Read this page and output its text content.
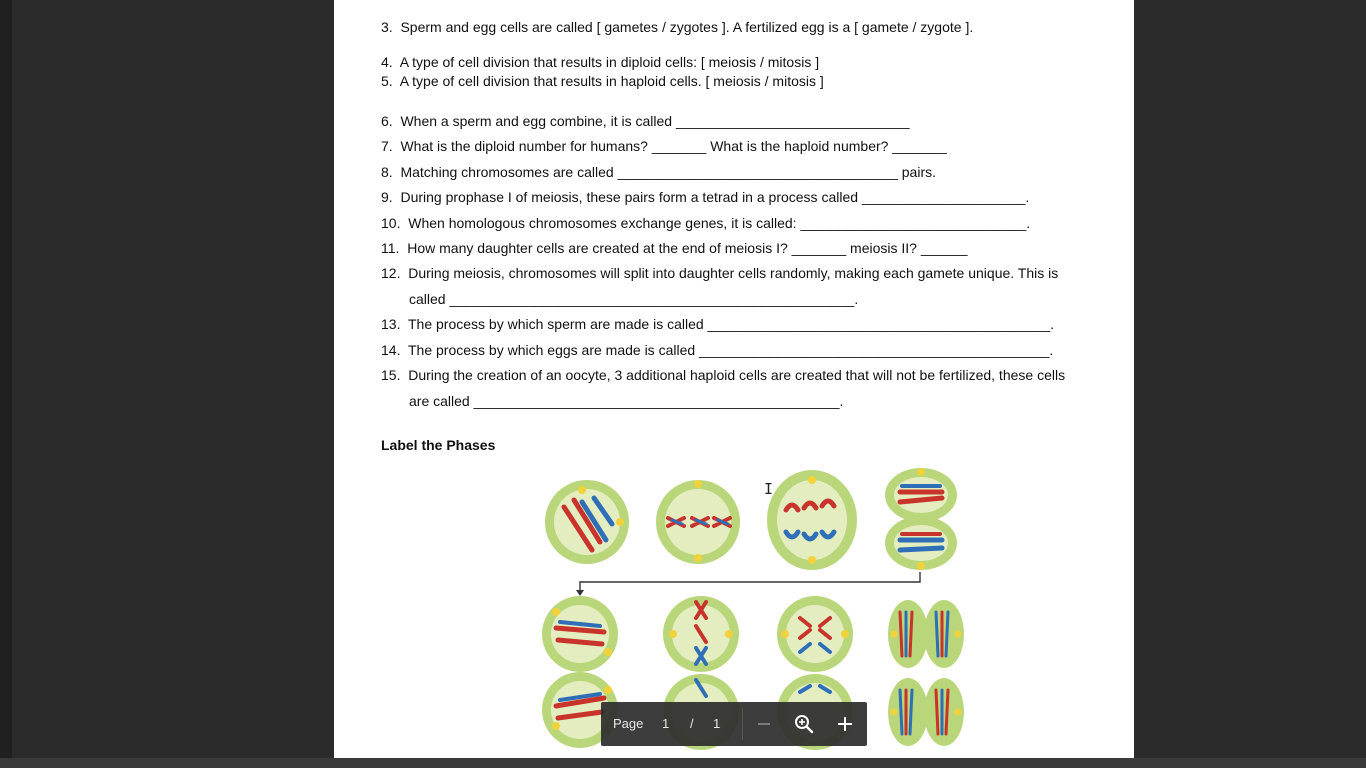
3. Sperm and egg cells are called [ gametes / zygotes ]. A fertilized egg is a [ gamete / zygote ].
4. A type of cell division that results in diploid cells: [ meiosis / mitosis ]
5. A type of cell division that results in haploid cells. [ meiosis / mitosis ]
6. When a sperm and egg combine, it is called ______________________________
7. What is the diploid number for humans? _______ What is the haploid number? _______
8. Matching chromosomes are called ____________________________________ pairs.
9. During prophase I of meiosis, these pairs form a tetrad in a process called _____________________.
10. When homologous chromosomes exchange genes, it is called: _____________________________.
11. How many daughter cells are created at the end of meiosis I? _______ meiosis II? ______
12. During meiosis, chromosomes will split into daughter cells randomly, making each gamete unique. This is
called ____________________________________________________.
13. The process by which sperm are made is called ____________________________________________.
14. The process by which eggs are made is called _____________________________________________.
15. During the creation of an oocyte, 3 additional haploid cells are created that will not be fertilized, these cells
are called _______________________________________________.
Label the Phases
I
Page 1 / 1
